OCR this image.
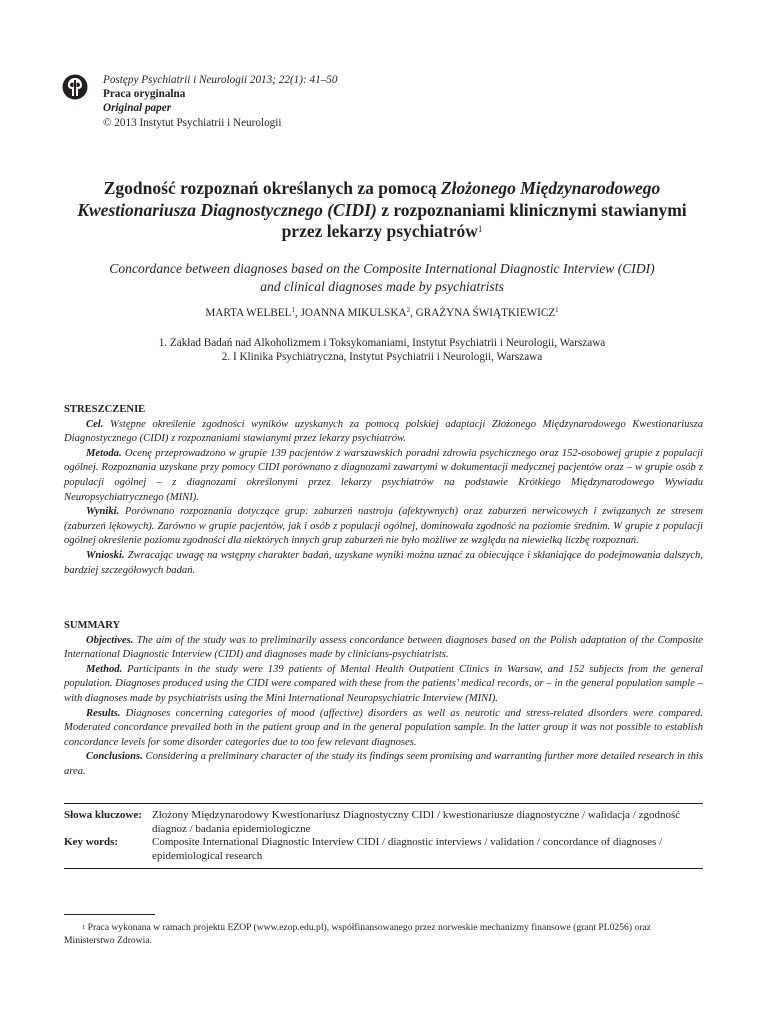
Postępy Psychiatrii i Neurologii 2013; 22(1): 41–50
Praca oryginalna
Original paper
© 2013 Instytut Psychiatrii i Neurologii
Zgodność rozpoznań określanych za pomocą Złożonego Międzynarodowego Kwestionariusza Diagnostycznego (CIDI) z rozpoznaniami klinicznymi stawianymi przez lekarzy psychiatrów$^1$
Concordance between diagnoses based on the Composite International Diagnostic Interview (CIDI)
and clinical diagnoses made by psychiatrists
MARTA WELBEL$^1$, JOANNA MIKULSKA$^2$, GRAŻYNA ŚWIĄTKIEWICZ$^1$
1. Zakład Badań nad Alkoholizmem i Toksykomaniami, Instytut Psychiatrii i Neurologii, Warszawa
2. I Klinika Psychiatryczna, Instytut Psychiatrii i Neurologii, Warszawa
STRESZCZENIE

Cel. Wstępne określenie zgodności wyników uzyskanych za pomocą polskiej adaptacji Złożonego Międzynarodowego Kwestionariusza Diagnostycznego (CIDI) z rozpoznaniami stawianymi przez lekarzy psychiatrów.

Metoda. Ocenę przeprowadzono w grupie 139 pacjentów z warszawskich poradni zdrowia psychicznego oraz 152-osobowej grupie z populacji ogólnej. Rozpoznania uzyskane przy pomocy CIDI porównano z diagnozami zawartymi w dokumentacji medycznej pacjentów oraz – w grupie osób z populacji ogólnej – z diagnozami określonymi przez lekarzy psychiatrów na podstawie Krótkiego Międzynarodowego Wywiadu Neuropsychiatrycznego (MINI).

Wyniki. Porównano rozpoznania dotyczące grup: zaburzeń nastroju (afektywnych) oraz zaburzeń nerwicowych i związanych ze stresem (zaburzeń lękowych). Zarówno w grupie pacjentów, jak i osób z populacji ogólnej, dominowała zgodność na poziomie średnim. W grupie z populacji ogólnej określenie poziomu zgodności dla niektórych innych grup zaburzeń nie było możliwe ze względu na niewielką liczbę rozpoznań.

Wnioski. Zwracając uwagę na wstępny charakter badań, uzyskane wyniki można uznać za obiecujące i skłaniające do podejmowania dalszych, bardziej szczegółowych badań.

SUMMARY

Objectives. The aim of the study was to preliminarily assess concordance between diagnoses based on the Polish adaptation of the Composite International Diagnostic Interview (CIDI) and diagnoses made by clinicians-psychiatrists.

Method. Participants in the study were 139 patients of Mental Health Outpatient Clinics in Warsaw, and 152 subjects from the general population. Diagnoses produced using the CIDI were compared with these from the patients’ medical records, or – in the general population sample – with diagnoses made by psychiatrists using the Mini International Neuropsychiatric Interview (MINI).

Results. Diagnoses concerning categories of mood (affective) disorders as well as neurotic and stress-related disorders were compared. Moderated concordance prevailed both in the patient group and in the general population sample. In the latter group it was not possible to establish concordance levels for some disorder categories due to too few relevant diagnoses.

Conclusions. Considering a preliminary character of the study its findings seem promising and warranting further more detailed research in this area.

Słowa kluczowe: Złożony Międzynarodowy Kwestionariusz Diagnostyczny CIDI / kwestionariusze diagnostyczne / walidacja / zgodność diagnoz / badania epidemiologiczne
Key words:	Composite International Diagnostic Interview CIDI / diagnostic interviews / validation / concordance of diagnoses / epidemiological research
$^1$ Praca wykonana w ramach projektu EZOP (www.ezop.edu.pl), współfinansowanego przez norweskie mechanizmy finansowe (grant PL0256) oraz Ministerstwo Zdrowia.
